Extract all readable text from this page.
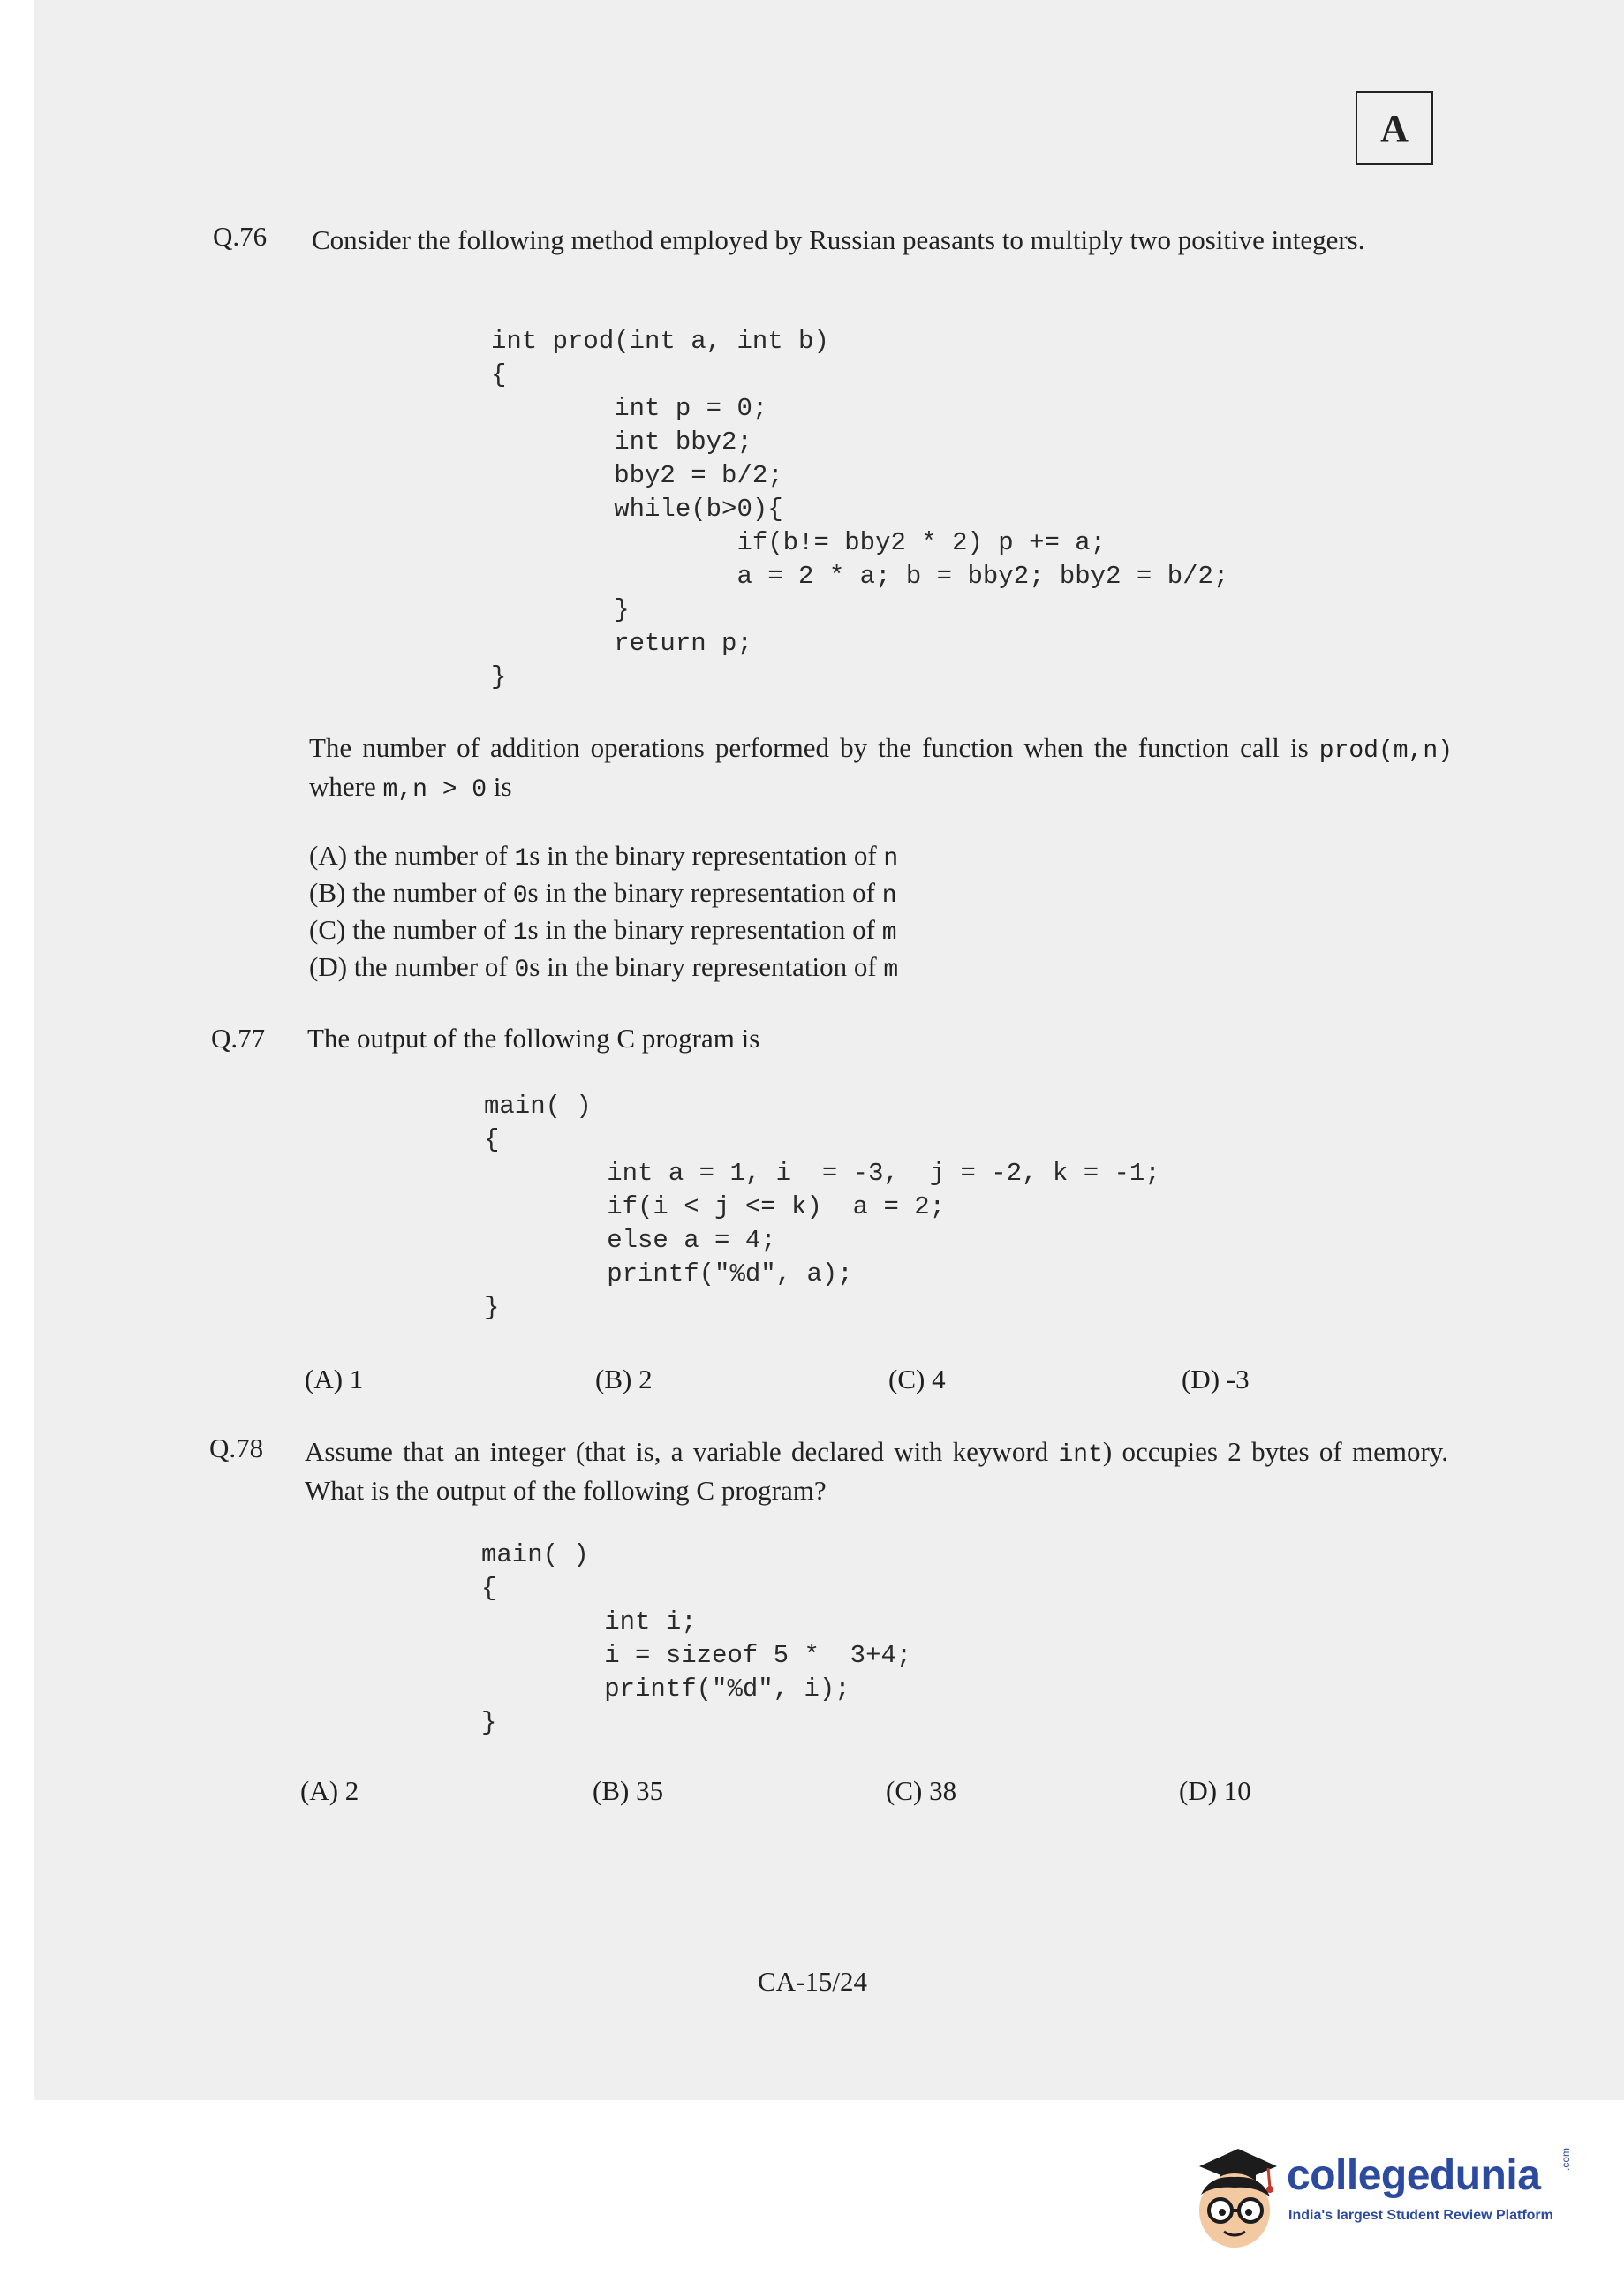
A
Q.76 Consider the following method employed by Russian peasants to multiply two positive integers.
int prod(int a, int b)
{
int p = 0;
int bby2;
bby2 = b/2;
while(b>0){
if(b!= bby2 * 2) p += a;
a = 2 * a; b = bby2; bby2 = b/2;
}
return p;
}
The number of addition operations performed by the function when the function call is prod(m,n) where m,n > 0 is
(A) the number of 1s in the binary representation of n
(B) the number of 0s in the binary representation of n
(C) the number of 1s in the binary representation of m
(D) the number of 0s in the binary representation of m
Q.77 The output of the following C program is
main( )
{
int a = 1, i  = -3,  j = -2, k = -1;
if(i < j <= k)  a = 2;
else a = 4;
printf("%d", a);
}
(A) 1	(B) 2	(C) 4	(D) -3
Q.78 Assume that an integer (that is, a variable declared with keyword int) occupies 2 bytes of memory. What is the output of the following C program?
main( )
{
int i;
i = sizeof 5 *  3+4;
printf("%d", i);
}
(A) 2	(B) 35	(C) 38	(D) 10
CA-15/24
collegedunia .com
India's largest Student Review Platform
